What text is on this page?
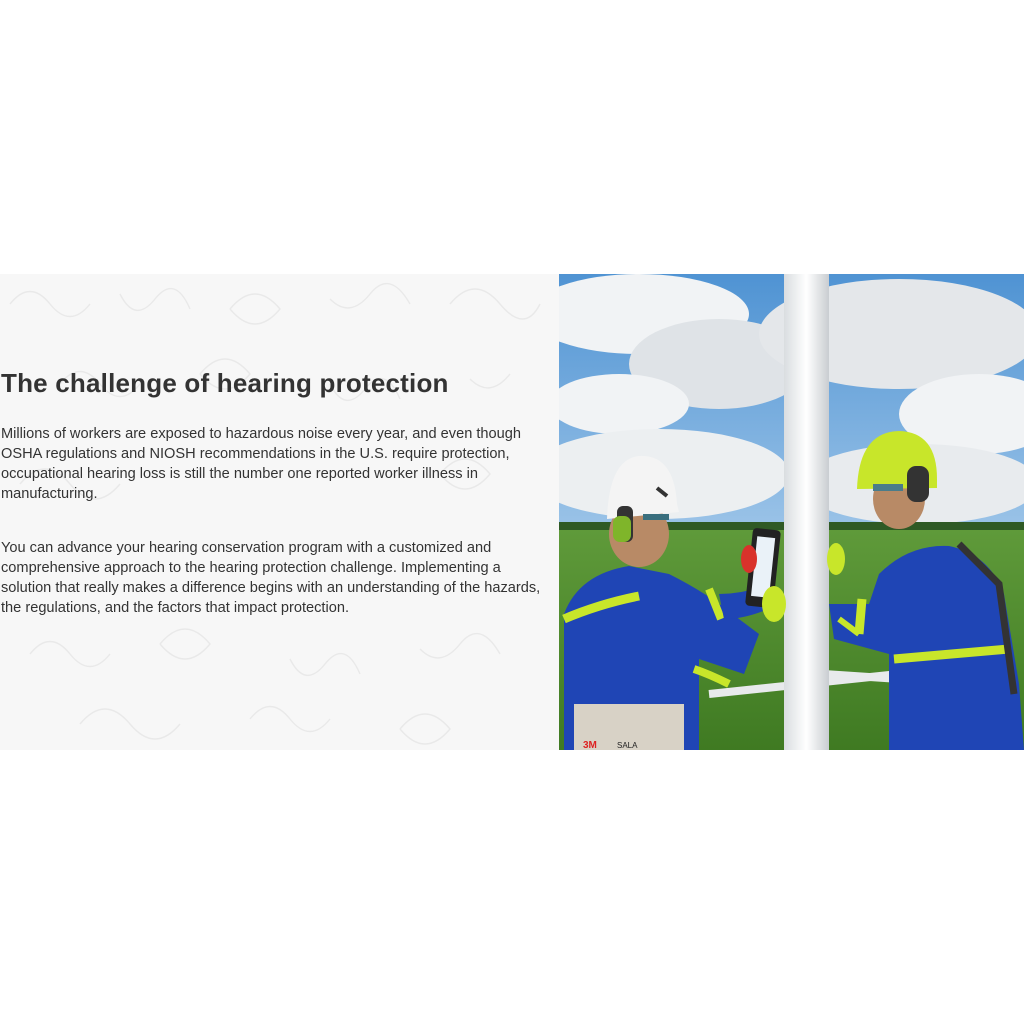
The challenge of hearing protection

Millions of workers are exposed to hazardous noise every year, and even though OSHA regulations and NIOSH recommendations in the U.S. require protection, occupational hearing loss is still the number one reported worker illness in manufacturing.

You can advance your hearing conservation program with a customized and comprehensive approach to the hearing protection challenge. Implementing a solution that really makes a difference begins with an understanding of the hazards, the regulations, and the factors that impact protection.

3M	SALA
